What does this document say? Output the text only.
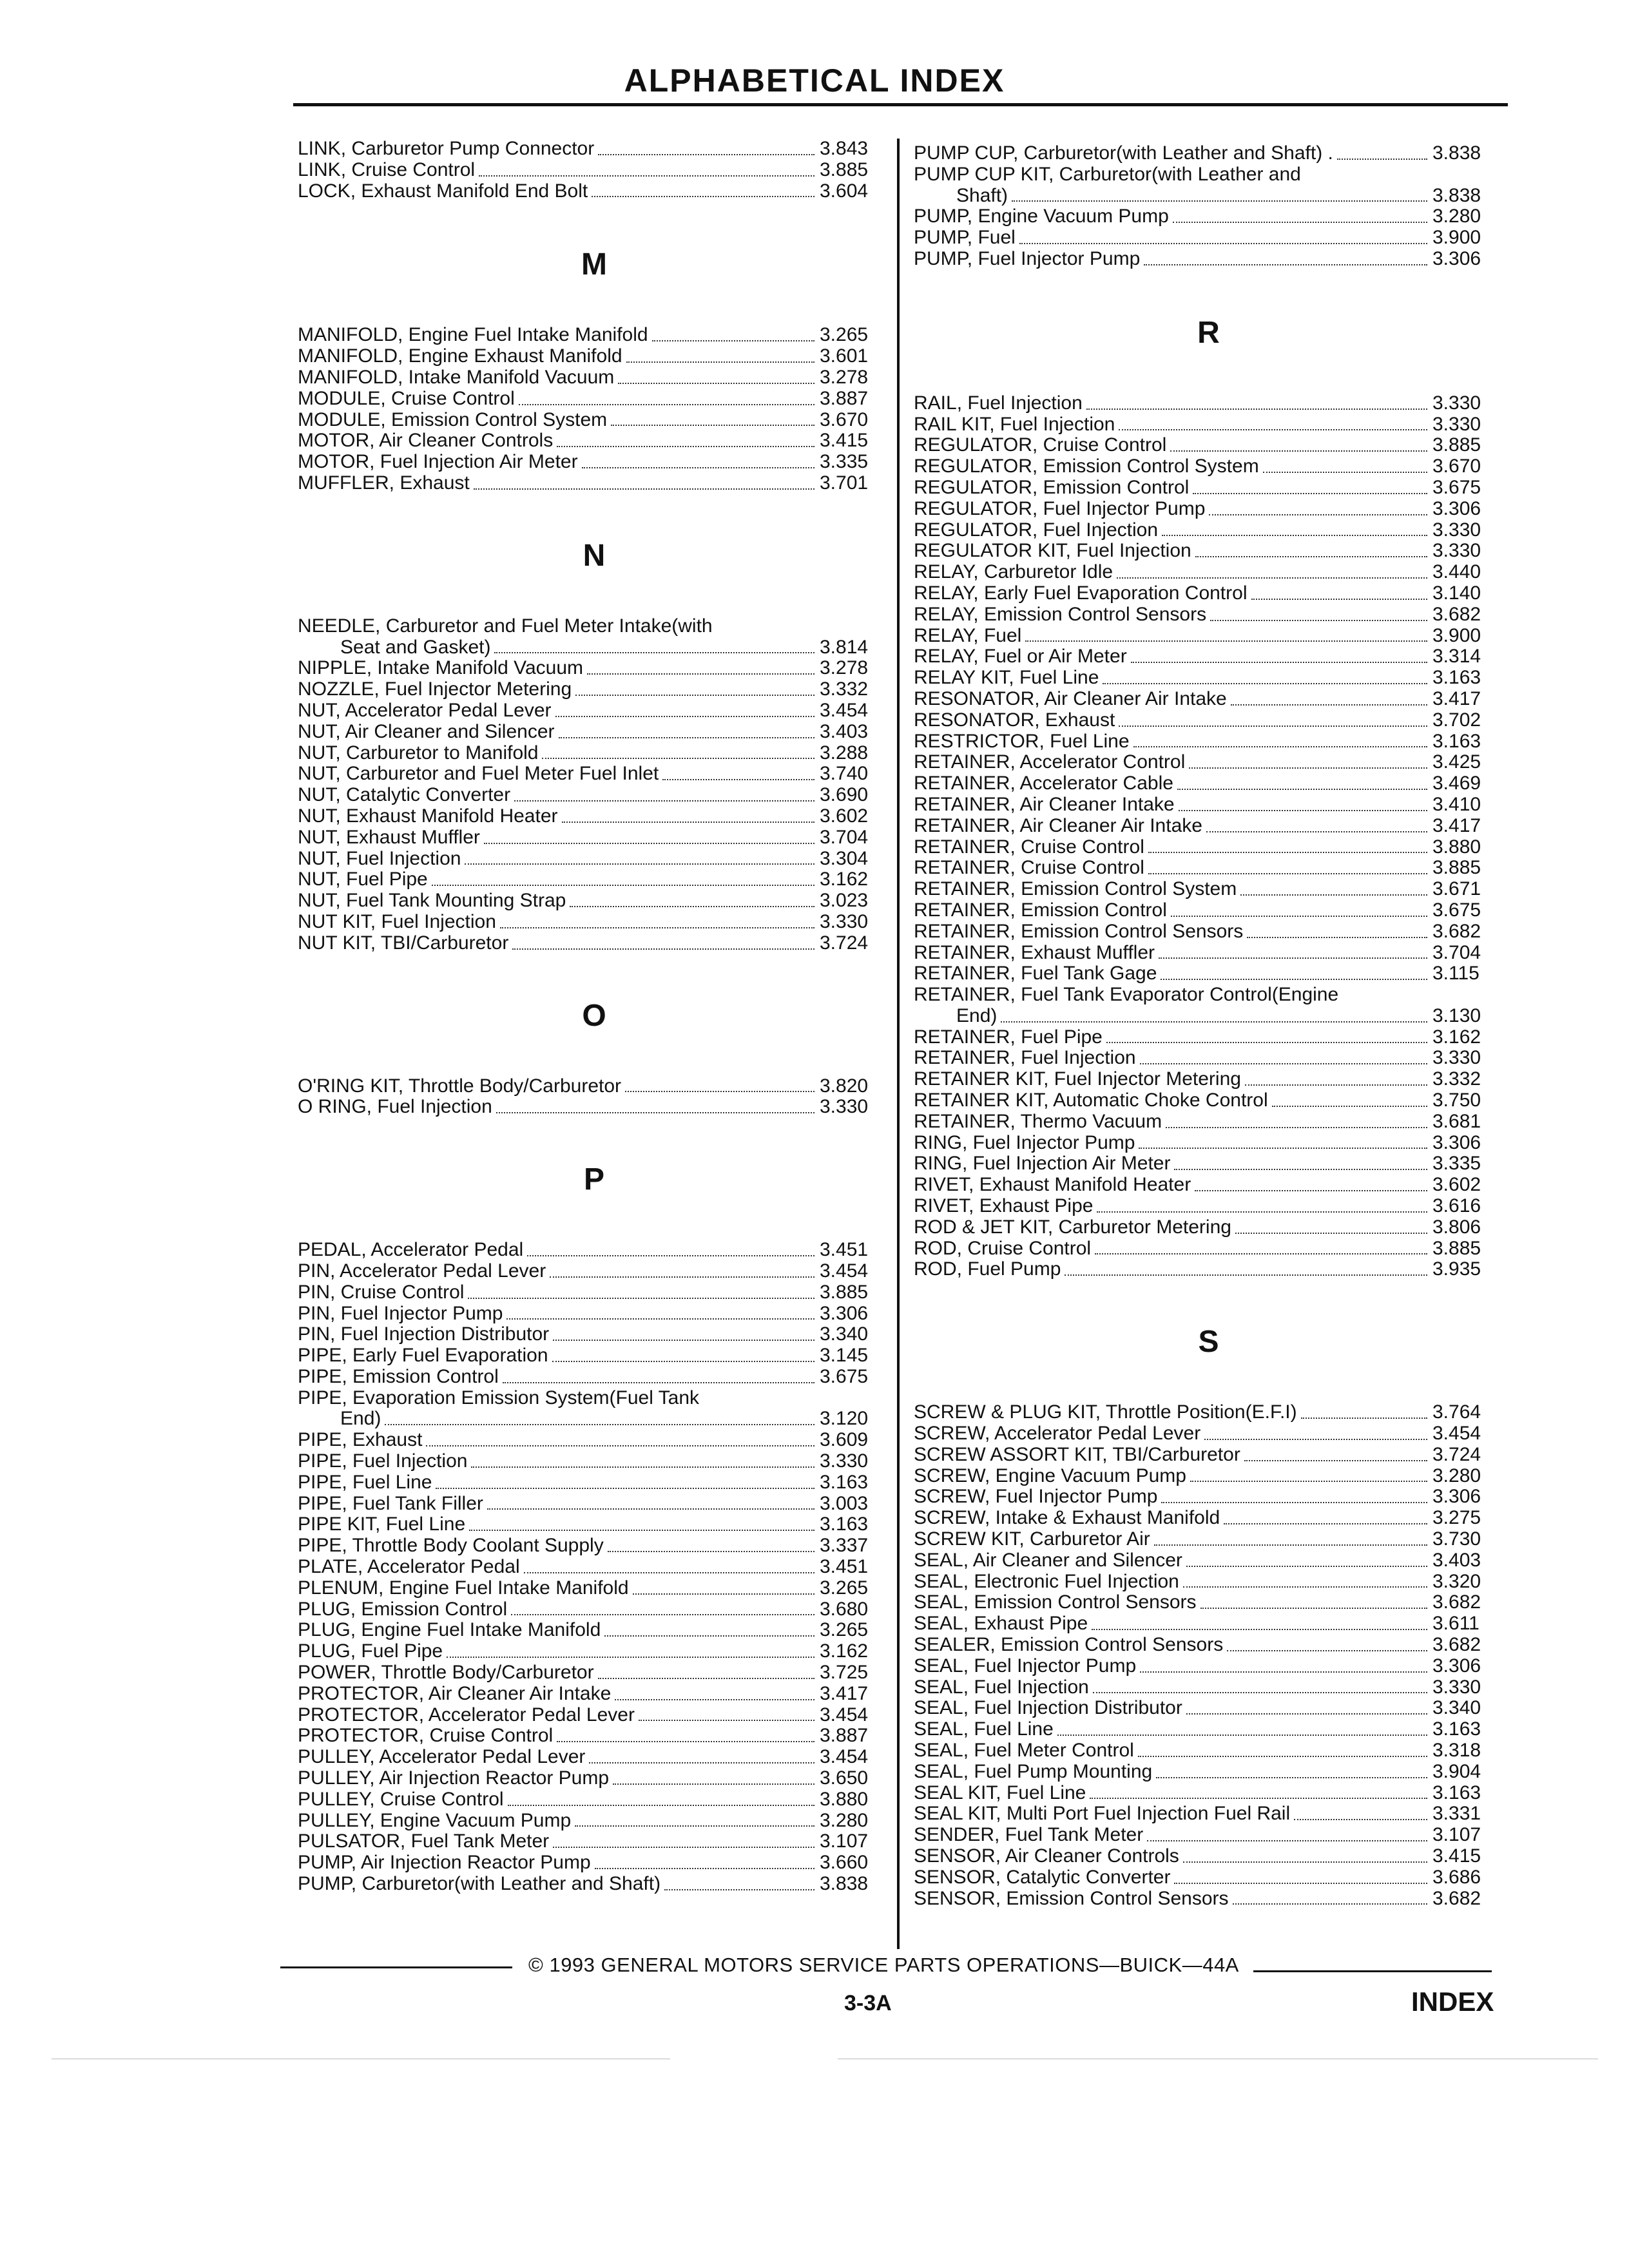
ALPHABETICAL INDEX
LINK, Carburetor Pump Connector	3.843
LINK, Cruise Control	3.885
LOCK, Exhaust Manifold End Bolt	3.604
M
MANIFOLD, Engine Fuel Intake Manifold	3.265
MANIFOLD, Engine Exhaust Manifold	3.601
MANIFOLD, Intake Manifold Vacuum	3.278
MODULE, Cruise Control	3.887
MODULE, Emission Control System	3.670
MOTOR, Air Cleaner Controls	3.415
MOTOR, Fuel Injection Air Meter	3.335
MUFFLER, Exhaust	3.701
N
NEEDLE, Carburetor and Fuel Meter Intake(with
Seat and Gasket)	3.814
NIPPLE, Intake Manifold Vacuum	3.278
NOZZLE, Fuel Injector Metering	3.332
NUT, Accelerator Pedal Lever	3.454
NUT, Air Cleaner and Silencer	3.403
NUT, Carburetor to Manifold	3.288
NUT, Carburetor and Fuel Meter Fuel Inlet	3.740
NUT, Catalytic Converter	3.690
NUT, Exhaust Manifold Heater	3.602
NUT, Exhaust Muffler	3.704
NUT, Fuel Injection	3.304
NUT, Fuel Pipe	3.162
NUT, Fuel Tank Mounting Strap	3.023
NUT KIT, Fuel Injection	3.330
NUT KIT, TBI/Carburetor	3.724
O
O'RING KIT, Throttle Body/Carburetor	3.820
O RING, Fuel Injection	3.330
P
PEDAL, Accelerator Pedal	3.451
PIN, Accelerator Pedal Lever	3.454
PIN, Cruise Control	3.885
PIN, Fuel Injector Pump	3.306
PIN, Fuel Injection Distributor	3.340
PIPE, Early Fuel Evaporation	3.145
PIPE, Emission Control	3.675
PIPE, Evaporation Emission System(Fuel Tank
End)	3.120
PIPE, Exhaust	3.609
PIPE, Fuel Injection	3.330
PIPE, Fuel Line	3.163
PIPE, Fuel Tank Filler	3.003
PIPE KIT, Fuel Line	3.163
PIPE, Throttle Body Coolant Supply	3.337
PLATE, Accelerator Pedal	3.451
PLENUM, Engine Fuel Intake Manifold	3.265
PLUG, Emission Control	3.680
PLUG, Engine Fuel Intake Manifold	3.265
PLUG, Fuel Pipe	3.162
POWER, Throttle Body/Carburetor	3.725
PROTECTOR, Air Cleaner Air Intake	3.417
PROTECTOR, Accelerator Pedal Lever	3.454
PROTECTOR, Cruise Control	3.887
PULLEY, Accelerator Pedal Lever	3.454
PULLEY, Air Injection Reactor Pump	3.650
PULLEY, Cruise Control	3.880
PULLEY, Engine Vacuum Pump	3.280
PULSATOR, Fuel Tank Meter	3.107
PUMP, Air Injection Reactor Pump	3.660
PUMP, Carburetor(with Leather and Shaft)	3.838
PUMP CUP, Carburetor(with Leather and Shaft) .	3.838
PUMP CUP KIT, Carburetor(with Leather and
Shaft)	3.838
PUMP, Engine Vacuum Pump	3.280
PUMP, Fuel	3.900
PUMP, Fuel Injector Pump	3.306
R
RAIL, Fuel Injection	3.330
RAIL KIT, Fuel Injection	3.330
REGULATOR, Cruise Control	3.885
REGULATOR, Emission Control System	3.670
REGULATOR, Emission Control	3.675
REGULATOR, Fuel Injector Pump	3.306
REGULATOR, Fuel Injection	3.330
REGULATOR KIT, Fuel Injection	3.330
RELAY, Carburetor Idle	3.440
RELAY, Early Fuel Evaporation Control	3.140
RELAY, Emission Control Sensors	3.682
RELAY, Fuel	3.900
RELAY, Fuel or Air Meter	3.314
RELAY KIT, Fuel Line	3.163
RESONATOR, Air Cleaner Air Intake	3.417
RESONATOR, Exhaust	3.702
RESTRICTOR, Fuel Line	3.163
RETAINER, Accelerator Control	3.425
RETAINER, Accelerator Cable	3.469
RETAINER, Air Cleaner Intake	3.410
RETAINER, Air Cleaner Air Intake	3.417
RETAINER, Cruise Control	3.880
RETAINER, Cruise Control	3.885
RETAINER, Emission Control System	3.671
RETAINER, Emission Control	3.675
RETAINER, Emission Control Sensors	3.682
RETAINER, Exhaust Muffler	3.704
RETAINER, Fuel Tank Gage	3.115
RETAINER, Fuel Tank Evaporator Control(Engine
End)	3.130
RETAINER, Fuel Pipe	3.162
RETAINER, Fuel Injection	3.330
RETAINER KIT, Fuel Injector Metering	3.332
RETAINER KIT, Automatic Choke Control	3.750
RETAINER, Thermo Vacuum	3.681
RING, Fuel Injector Pump	3.306
RING, Fuel Injection Air Meter	3.335
RIVET, Exhaust Manifold Heater	3.602
RIVET, Exhaust Pipe	3.616
ROD & JET KIT, Carburetor Metering	3.806
ROD, Cruise Control	3.885
ROD, Fuel Pump	3.935
S
SCREW & PLUG KIT, Throttle Position(E.F.I)	3.764
SCREW, Accelerator Pedal Lever	3.454
SCREW ASSORT KIT, TBI/Carburetor	3.724
SCREW, Engine Vacuum Pump	3.280
SCREW, Fuel Injector Pump	3.306
SCREW, Intake & Exhaust Manifold	3.275
SCREW KIT, Carburetor Air	3.730
SEAL, Air Cleaner and Silencer	3.403
SEAL, Electronic Fuel Injection	3.320
SEAL, Emission Control Sensors	3.682
SEAL, Exhaust Pipe	3.611
SEALER, Emission Control Sensors	3.682
SEAL, Fuel Injector Pump	3.306
SEAL, Fuel Injection	3.330
SEAL, Fuel Injection Distributor	3.340
SEAL, Fuel Line	3.163
SEAL, Fuel Meter Control	3.318
SEAL, Fuel Pump Mounting	3.904
SEAL KIT, Fuel Line	3.163
SEAL KIT, Multi Port Fuel Injection Fuel Rail	3.331
SENDER, Fuel Tank Meter	3.107
SENSOR, Air Cleaner Controls	3.415
SENSOR, Catalytic Converter	3.686
SENSOR, Emission Control Sensors	3.682
© 1993 GENERAL MOTORS SERVICE PARTS OPERATIONS—BUICK—44A
3-3A	INDEX
